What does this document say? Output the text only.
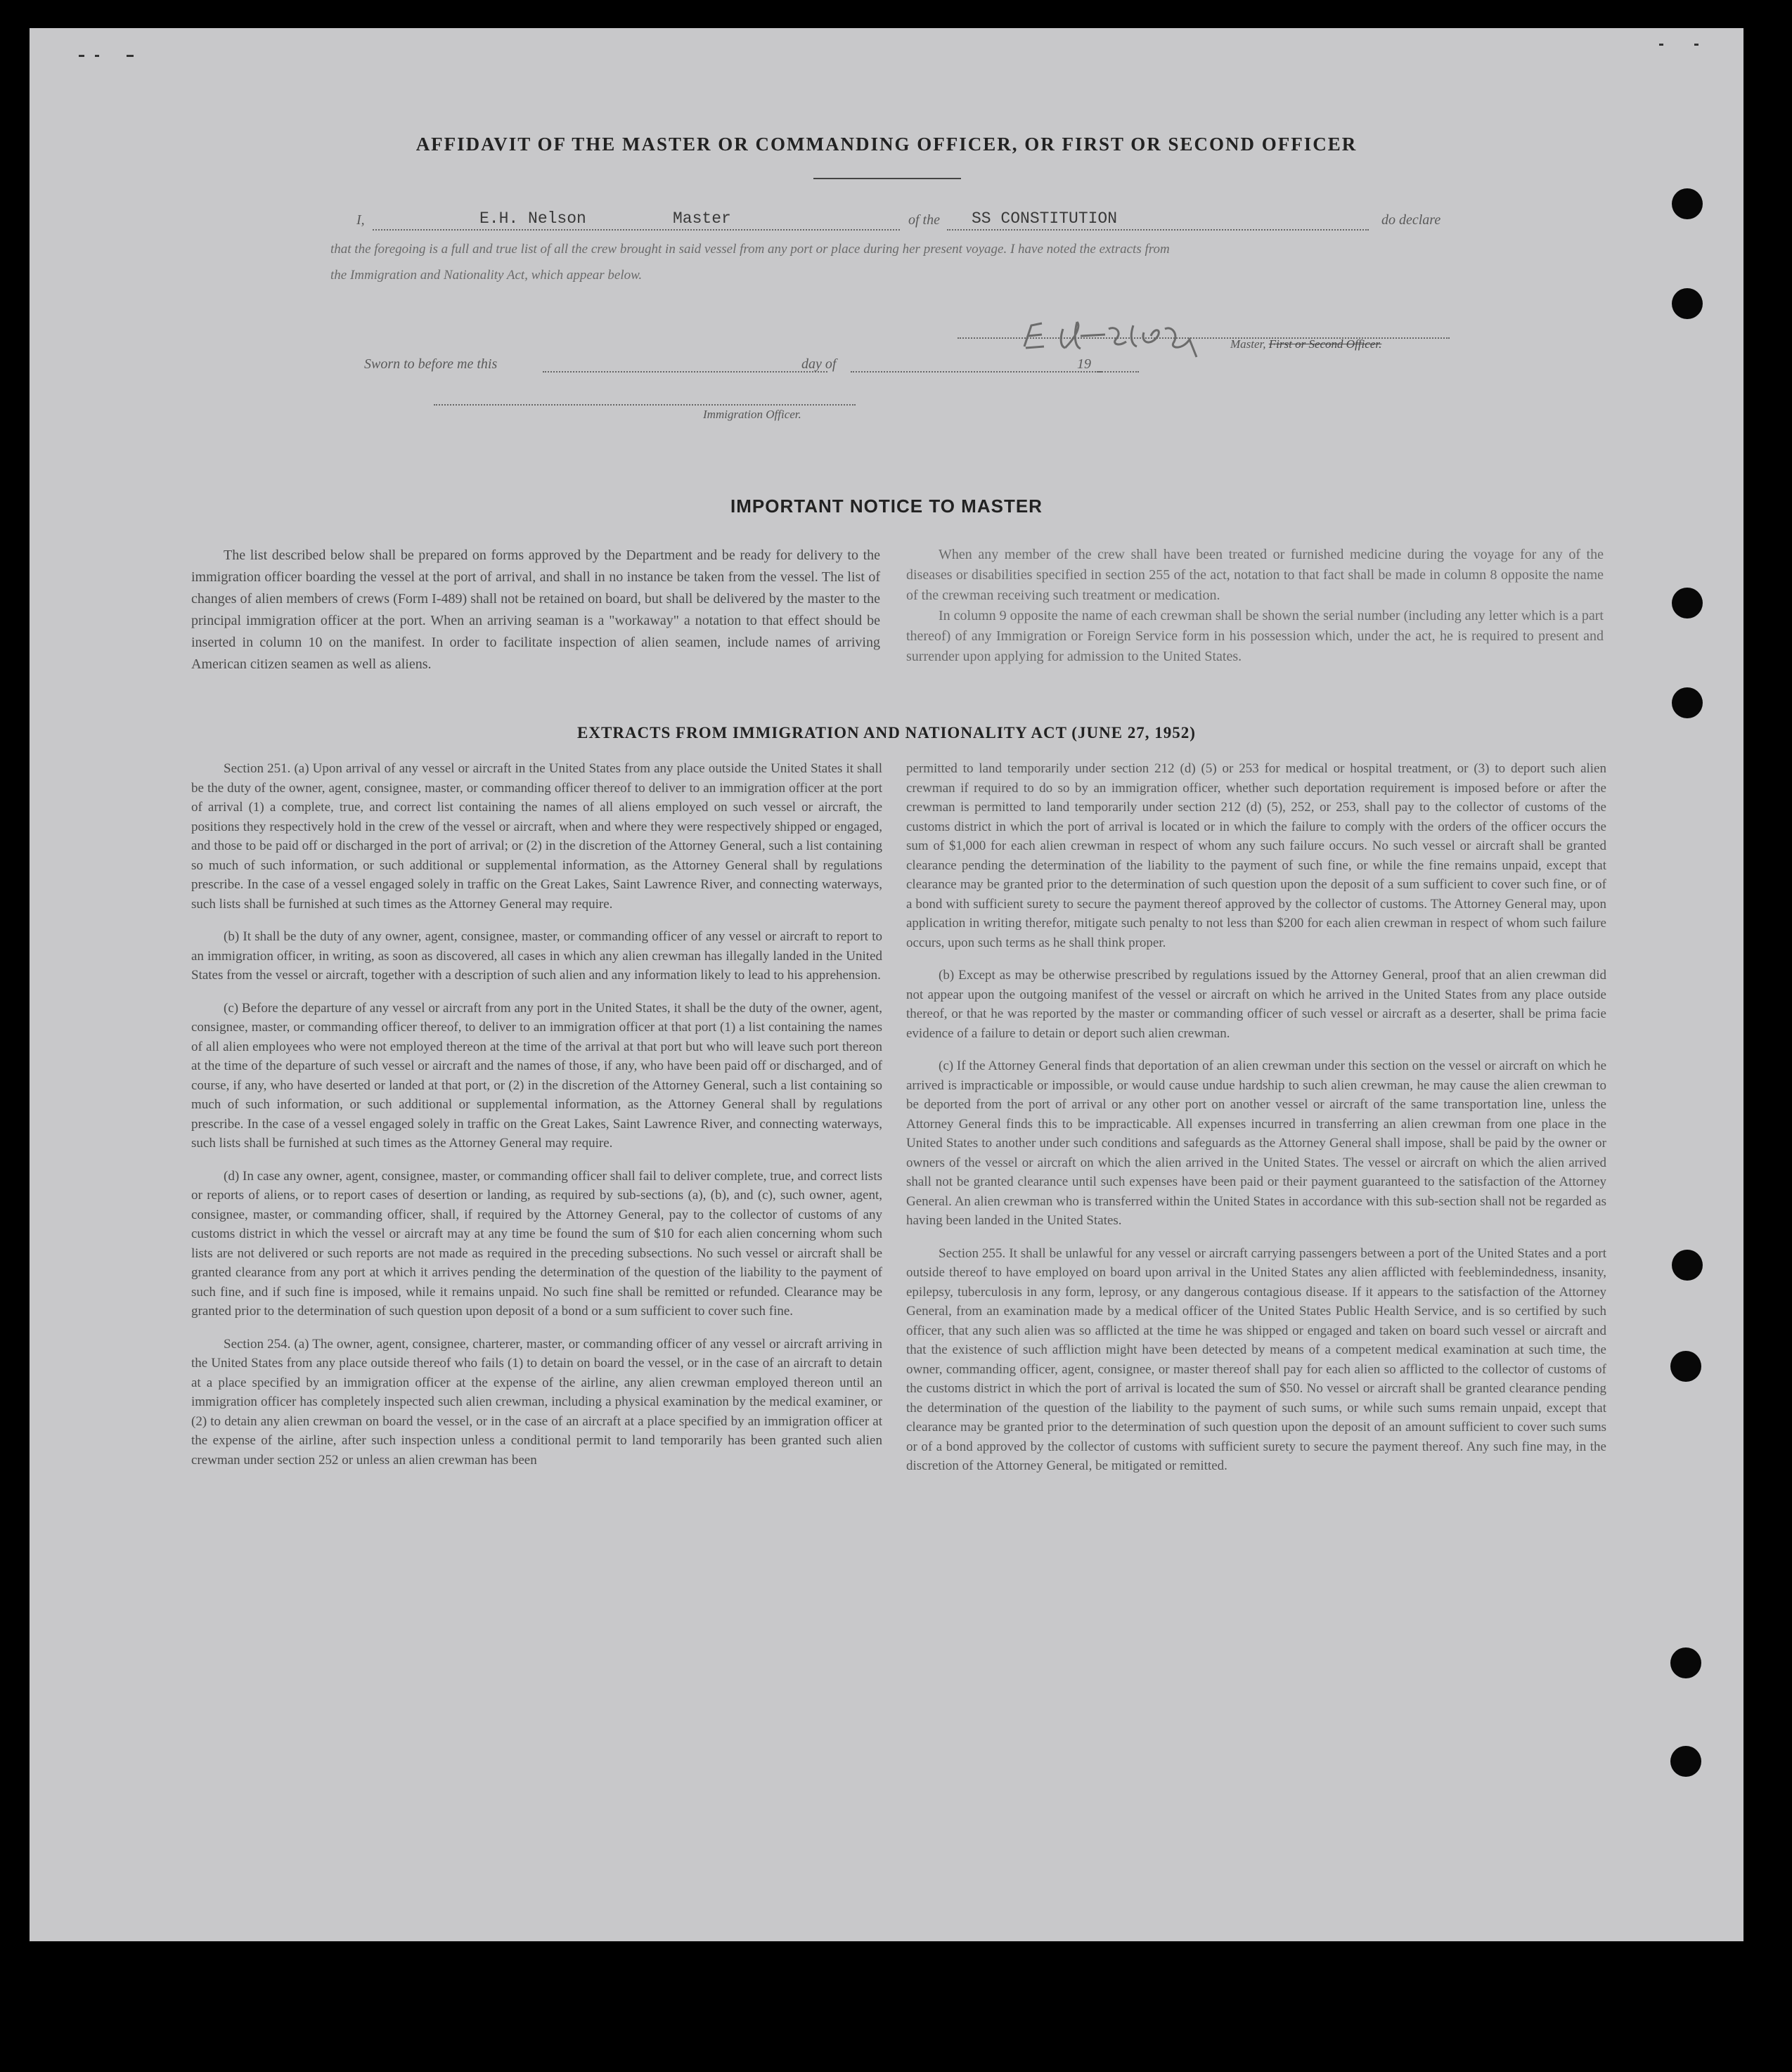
AFFIDAVIT OF THE MASTER OR COMMANDING OFFICER, OR FIRST OR SECOND OFFICER
I,	E.H. Nelson	Master	of the SS CONSTITUTION	do declare
that the foregoing is a full and true list of all the crew brought in said vessel from any port or place during her present voyage. I have noted the extracts from
the Immigration and Nationality Act, which appear below.
Master, First or Second Officer.
Sworn to before me this	day of	19
Immigration Officer.
IMPORTANT NOTICE TO MASTER

The list described below shall be prepared on forms approved by the Department and be ready for delivery to the immigration officer boarding the vessel at the port of arrival, and shall in no instance be taken from the vessel. The list of changes of alien members of crews (Form I-489) shall not be retained on board, but shall be delivered by the master to the principal immigration officer at the port. When an arriving seaman is a "workaway" a notation to that effect should be inserted in column 10 on the manifest. In order to facilitate inspection of alien seamen, include names of arriving American citizen seamen as well as aliens.

When any member of the crew shall have been treated or furnished medicine during the voyage for any of the diseases or disabilities specified in section 255 of the act, notation to that fact shall be made in column 8 opposite the name of the crewman receiving such treatment or medication.

In column 9 opposite the name of each crewman shall be shown the serial number (including any letter which is a part thereof) of any Immigration or Foreign Service form in his possession which, under the act, he is required to present and surrender upon applying for admission to the United States.

EXTRACTS FROM IMMIGRATION AND NATIONALITY ACT (JUNE 27, 1952)

Section 251. (a) Upon arrival of any vessel or aircraft in the United States from any place outside the United States it shall be the duty of the owner, agent, consignee, master, or commanding officer thereof to deliver to an immigration officer at the port of arrival (1) a complete, true, and correct list containing the names of all aliens employed on such vessel or aircraft, the positions they respectively hold in the crew of the vessel or aircraft, when and where they were respectively shipped or engaged, and those to be paid off or discharged in the port of arrival; or (2) in the discretion of the Attorney General, such a list containing so much of such information, or such additional or supplemental information, as the Attorney General shall by regulations prescribe. In the case of a vessel engaged solely in traffic on the Great Lakes, Saint Lawrence River, and connecting waterways, such lists shall be furnished at such times as the Attorney General may require.

(b) It shall be the duty of any owner, agent, consignee, master, or commanding officer of any vessel or aircraft to report to an immigration officer, in writing, as soon as discovered, all cases in which any alien crewman has illegally landed in the United States from the vessel or aircraft, together with a description of such alien and any information likely to lead to his apprehension.

(c) Before the departure of any vessel or aircraft from any port in the United States, it shall be the duty of the owner, agent, consignee, master, or commanding officer thereof, to deliver to an immigration officer at that port (1) a list containing the names of all alien employees who were not employed thereon at the time of the arrival at that port but who will leave such port thereon at the time of the departure of such vessel or aircraft and the names of those, if any, who have been paid off or discharged, and of course, if any, who have deserted or landed at that port, or (2) in the discretion of the Attorney General, such a list containing so much of such information, or such additional or supplemental information, as the Attorney General shall by regulations prescribe. In the case of a vessel engaged solely in traffic on the Great Lakes, Saint Lawrence River, and connecting waterways, such lists shall be furnished at such times as the Attorney General may require.

(d) In case any owner, agent, consignee, master, or commanding officer shall fail to deliver complete, true, and correct lists or reports of aliens, or to report cases of desertion or landing, as required by sub-sections (a), (b), and (c), such owner, agent, consignee, master, or commanding officer, shall, if required by the Attorney General, pay to the collector of customs of any customs district in which the vessel or aircraft may at any time be found the sum of $10 for each alien concerning whom such lists are not delivered or such reports are not made as required in the preceding subsections. No such vessel or aircraft shall be granted clearance from any port at which it arrives pending the determination of the question of the liability to the payment of such fine, and if such fine is imposed, while it remains unpaid. No such fine shall be remitted or refunded. Clearance may be granted prior to the determination of such question upon deposit of a bond or a sum sufficient to cover such fine.

Section 254. (a) The owner, agent, consignee, charterer, master, or commanding officer of any vessel or aircraft arriving in the United States from any place outside thereof who fails (1) to detain on board the vessel, or in the case of an aircraft to detain at a place specified by an immigration officer at the expense of the airline, any alien crewman employed thereon until an immigration officer has completely inspected such alien crewman, including a physical examination by the medical examiner, or (2) to detain any alien crewman on board the vessel, or in the case of an aircraft at a place specified by an immigration officer at the expense of the airline, after such inspection unless a conditional permit to land temporarily has been granted such alien crewman under section 252 or unless an alien crewman has been

permitted to land temporarily under section 212 (d) (5) or 253 for medical or hospital treatment, or (3) to deport such alien crewman if required to do so by an immigration officer, whether such deportation requirement is imposed before or after the crewman is permitted to land temporarily under section 212 (d) (5), 252, or 253, shall pay to the collector of customs of the customs district in which the port of arrival is located or in which the failure to comply with the orders of the officer occurs the sum of $1,000 for each alien crewman in respect of whom any such failure occurs. No such vessel or aircraft shall be granted clearance pending the determination of the liability to the payment of such fine, or while the fine remains unpaid, except that clearance may be granted prior to the determination of such question upon the deposit of a sum sufficient to cover such fine, or of a bond with sufficient surety to secure the payment thereof approved by the collector of customs. The Attorney General may, upon application in writing therefor, mitigate such penalty to not less than $200 for each alien crewman in respect of whom such failure occurs, upon such terms as he shall think proper.

(b) Except as may be otherwise prescribed by regulations issued by the Attorney General, proof that an alien crewman did not appear upon the outgoing manifest of the vessel or aircraft on which he arrived in the United States from any place outside thereof, or that he was reported by the master or commanding officer of such vessel or aircraft as a deserter, shall be prima facie evidence of a failure to detain or deport such alien crewman.

(c) If the Attorney General finds that deportation of an alien crewman under this section on the vessel or aircraft on which he arrived is impracticable or impossible, or would cause undue hardship to such alien crewman, he may cause the alien crewman to be deported from the port of arrival or any other port on another vessel or aircraft of the same transportation line, unless the Attorney General finds this to be impracticable. All expenses incurred in transferring an alien crewman from one place in the United States to another under such conditions and safeguards as the Attorney General shall impose, shall be paid by the owner or owners of the vessel or aircraft on which the alien arrived in the United States. The vessel or aircraft on which the alien arrived shall not be granted clearance until such expenses have been paid or their payment guaranteed to the satisfaction of the Attorney General. An alien crewman who is transferred within the United States in accordance with this sub-section shall not be regarded as having been landed in the United States.

Section 255. It shall be unlawful for any vessel or aircraft carrying passengers between a port of the United States and a port outside thereof to have employed on board upon arrival in the United States any alien afflicted with feeblemindedness, insanity, epilepsy, tuberculosis in any form, leprosy, or any dangerous contagious disease. If it appears to the satisfaction of the Attorney General, from an examination made by a medical officer of the United States Public Health Service, and is so certified by such officer, that any such alien was so afflicted at the time he was shipped or engaged and taken on board such vessel or aircraft and that the existence of such affliction might have been detected by means of a competent medical examination at such time, the owner, commanding officer, agent, consignee, or master thereof shall pay for each alien so afflicted to the collector of customs of the customs district in which the port of arrival is located the sum of $50. No vessel or aircraft shall be granted clearance pending the determination of the question of the liability to the payment of such sums, or while such sums remain unpaid, except that clearance may be granted prior to the determination of such question upon the deposit of an amount sufficient to cover such sums or of a bond approved by the collector of customs with sufficient surety to secure the payment thereof. Any such fine may, in the discretion of the Attorney General, be mitigated or remitted.
